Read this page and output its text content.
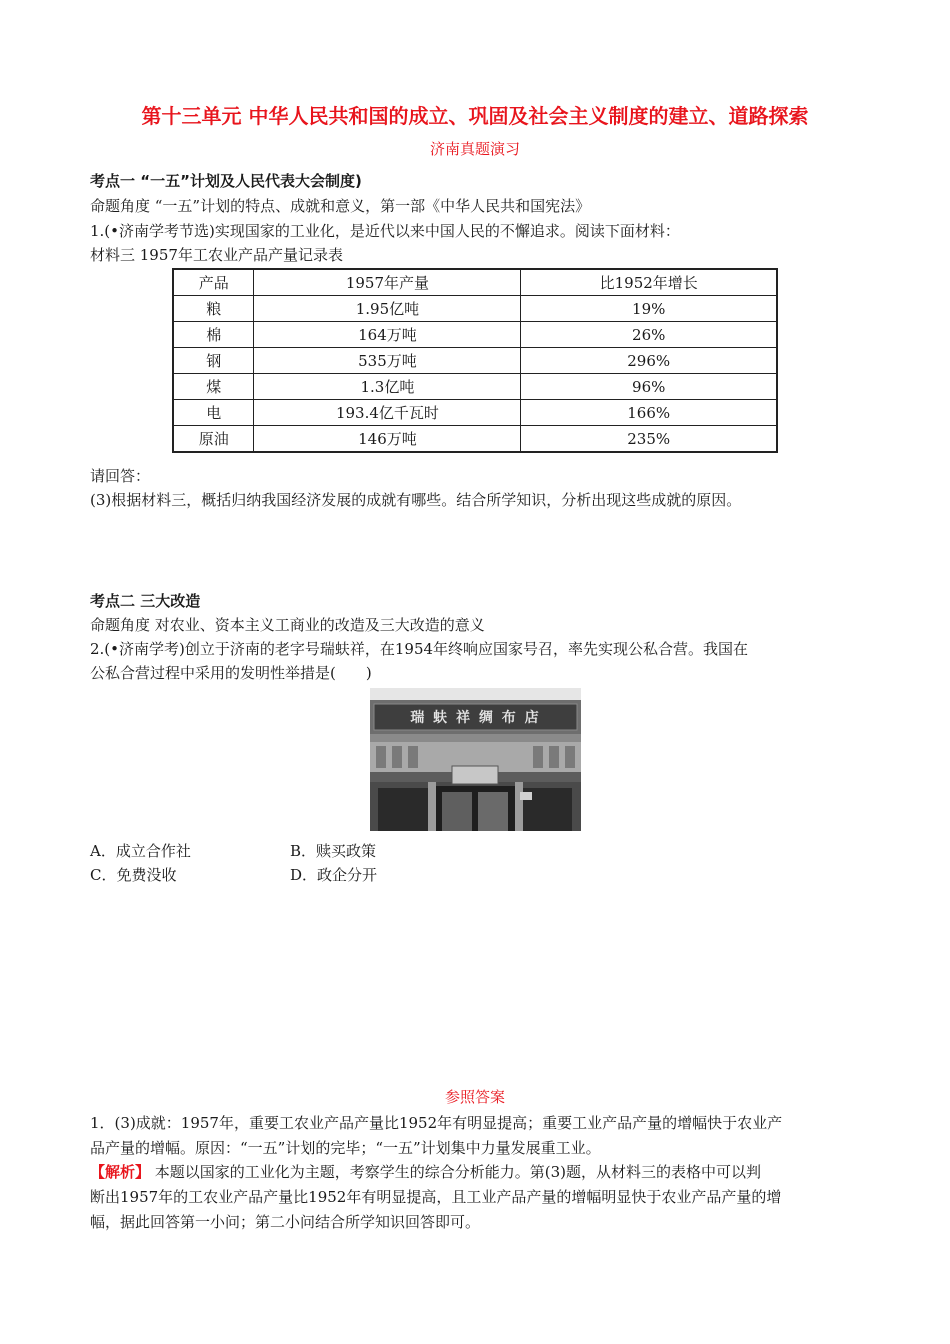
第十三单元 中华人民共和国的成立、巩固及社会主义制度的建立、道路探索
济南真题演习
考点一 “一五”计划及人民代表大会制度)
命题角度 “一五”计划的特点、成就和意义，第一部《中华人民共和国宪法》
1.(•济南学考节选)实现国家的工业化，是近代以来中国人民的不懈追求。阅读下面材料：
材料三 1957年工农业产品产量记录表
产品	1957年产量	比1952年增长
粮	1.95亿吨	19%
棉	164万吨	26%
钢	535万吨	296%
煤	1.3亿吨	96%
电	193.4亿千瓦时	166%
原油	146万吨	235%
请回答：
(3)根据材料三，概括归纳我国经济发展的成就有哪些。结合所学知识，分析出现这些成就的原因。
考点二 三大改造
命题角度 对农业、资本主义工商业的改造及三大改造的意义
2.(•济南学考)创立于济南的老字号瑞蚨祥，在1954年终响应国家号召，率先实现公私合营。我国在
公私合营过程中采用的发明性举措是(　　)
瑞 蚨 祥 绸 布 店
A．成立合作社	B．赎买政策
C．免费没收	D．政企分开
参照答案
1．(3)成就：1957年，重要工农业产品产量比1952年有明显提高；重要工业产品产量的增幅快于农业产
品产量的增幅。原因：“一五”计划的完毕；“一五”计划集中力量发展重工业。
【解析】 本题以国家的工业化为主题，考察学生的综合分析能力。第(3)题，从材料三的表格中可以判
断出1957年的工农业产品产量比1952年有明显提高，且工业产品产量的增幅明显快于农业产品产量的增
幅，据此回答第一小问；第二小问结合所学知识回答即可。
